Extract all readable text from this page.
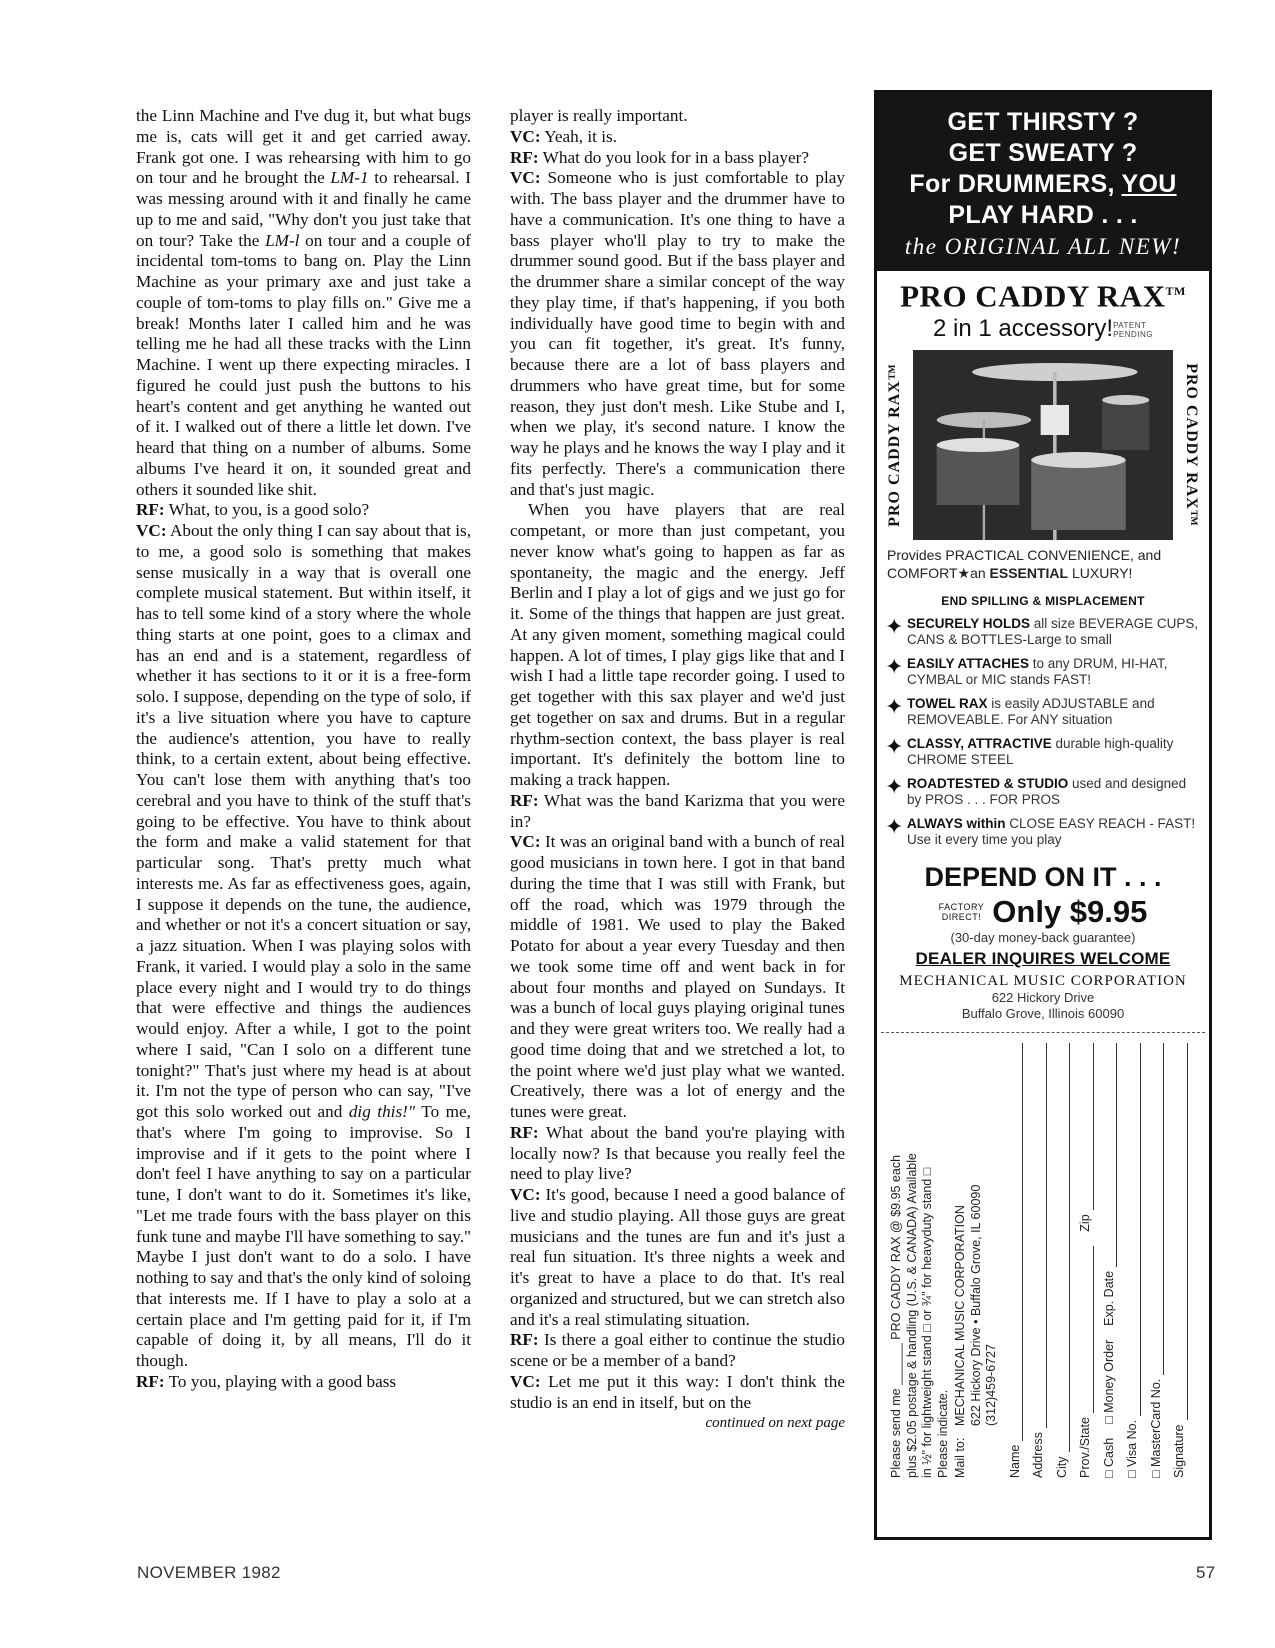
the Linn Machine and I've dug it, but what bugs me is, cats will get it and get carried away. Frank got one. I was rehearsing with him to go on tour and he brought the LM-1 to rehearsal. I was messing around with it and finally he came up to me and said, "Why don't you just take that on tour? Take the LM-l on tour and a couple of incidental tom-toms to bang on. Play the Linn Machine as your primary axe and just take a couple of tom-toms to play fills on." Give me a break! Months later I called him and he was telling me he had all these tracks with the Linn Machine. I went up there expecting miracles. I figured he could just push the buttons to his heart's content and get anything he wanted out of it. I walked out of there a little let down. I've heard that thing on a number of albums. Some albums I've heard it on, it sounded great and others it sounded like shit.

RF: What, to you, is a good solo?

VC: About the only thing I can say about that is, to me, a good solo is something that makes sense musically in a way that is overall one complete musical statement. But within itself, it has to tell some kind of a story where the whole thing starts at one point, goes to a climax and has an end and is a statement, regardless of whether it has sections to it or it is a free-form solo. I suppose, depending on the type of solo, if it's a live situation where you have to capture the audience's attention, you have to really think, to a certain extent, about being effective. You can't lose them with anything that's too cerebral and you have to think of the stuff that's going to be effective. You have to think about the form and make a valid statement for that particular song. That's pretty much what interests me. As far as effectiveness goes, again, I suppose it depends on the tune, the audience, and whether or not it's a concert situation or say, a jazz situation. When I was playing solos with Frank, it varied. I would play a solo in the same place every night and I would try to do things that were effective and things the audiences would enjoy. After a while, I got to the point where I said, "Can I solo on a different tune tonight?" That's just where my head is at about it. I'm not the type of person who can say, "I've got this solo worked out and dig this!" To me, that's where I'm going to improvise. So I improvise and if it gets to the point where I don't feel I have anything to say on a particular tune, I don't want to do it. Sometimes it's like, "Let me trade fours with the bass player on this funk tune and maybe I'll have something to say." Maybe I just don't want to do a solo. I have nothing to say and that's the only kind of soloing that interests me. If I have to play a solo at a certain place and I'm getting paid for it, if I'm capable of doing it, by all means, I'll do it though.

RF: To you, playing with a good bass

player is really important.

VC: Yeah, it is.

RF: What do you look for in a bass player?

VC: Someone who is just comfortable to play with. The bass player and the drummer have to have a communication. It's one thing to have a bass player who'll play to try to make the drummer sound good. But if the bass player and the drummer share a similar concept of the way they play time, if that's happening, if you both individually have good time to begin with and you can fit together, it's great. It's funny, because there are a lot of bass players and drummers who have great time, but for some reason, they just don't mesh. Like Stube and I, when we play, it's second nature. I know the way he plays and he knows the way I play and it fits perfectly. There's a communication there and that's just magic.

When you have players that are real competant, or more than just competant, you never know what's going to happen as far as spontaneity, the magic and the energy. Jeff Berlin and I play a lot of gigs and we just go for it. Some of the things that happen are just great. At any given moment, something magical could happen. A lot of times, I play gigs like that and I wish I had a little tape recorder going. I used to get together with this sax player and we'd just get together on sax and drums. But in a regular rhythm-section context, the bass player is real important. It's definitely the bottom line to making a track happen.

RF: What was the band Karizma that you were in?

VC: It was an original band with a bunch of real good musicians in town here. I got in that band during the time that I was still with Frank, but off the road, which was 1979 through the middle of 1981. We used to play the Baked Potato for about a year every Tuesday and then we took some time off and went back in for about four months and played on Sundays. It was a bunch of local guys playing original tunes and they were great writers too. We really had a good time doing that and we stretched a lot, to the point where we'd just play what we wanted. Creatively, there was a lot of energy and the tunes were great.

RF: What about the band you're playing with locally now? Is that because you really feel the need to play live?

VC: It's good, because I need a good balance of live and studio playing. All those guys are great musicians and the tunes are fun and it's just a real fun situation. It's three nights a week and it's great to have a place to do that. It's real organized and structured, but we can stretch also and it's a real stimulating situation.

RF: Is there a goal either to continue the studio scene or be a member of a band?

VC: Let me put it this way: I don't think the studio is an end in itself, but on the

continued on next page

GET THIRSTY ?
GET SWEATY ?
For DRUMMERS, YOU
PLAY HARD . . .
the ORIGINAL ALL NEW!
PRO CADDY RAX™
2 in 1 accessory!PATENT
PENDING
PRO CADDY RAX™	PRO CADDY RAX™
Provides PRACTICAL CONVENIENCE, and COMFORT★an ESSENTIAL LUXURY!
END SPILLING & MISPLACEMENT
✦ SECURELY HOLDS all size BEVERAGE CUPS, CANS & BOTTLES-Large to small
✦ EASILY ATTACHES to any DRUM, HI-HAT, CYMBAL or MIC stands FAST!
✦ TOWEL RAX is easily ADJUSTABLE and REMOVEABLE. For ANY situation
✦ CLASSY, ATTRACTIVE durable high-quality CHROME STEEL
✦ ROADTESTED & STUDIO used and designed by PROS . . . FOR PROS
✦ ALWAYS within CLOSE EASY REACH - FAST! Use it every time you play
DEPEND ON IT . . .
FACTORY
DIRECT! Only $9.95
(30-day money-back guarantee)
DEALER INQUIRES WELCOME
MECHANICAL MUSIC CORPORATION
622 Hickory Drive
Buffalo Grove, Illinois 60090
Please send me ______ PRO CADDY RAX @ $9.95 each plus $2.05 postage & handling (U.S. & CANADA) Available in ½" for lightweight stand □ or ¾" for heavyduty stand □ Please indicate. Mail to:
MECHANICAL MUSIC CORPORATION 622 Hickory Drive • Buffalo Grove, IL 60090 (312)459-6727
Name Address City Prov./State
Zip
□ Cash
□ Money Order
Exp. Date
□ Visa No. □ MasterCard No. Signature
NOVEMBER 1982	57
